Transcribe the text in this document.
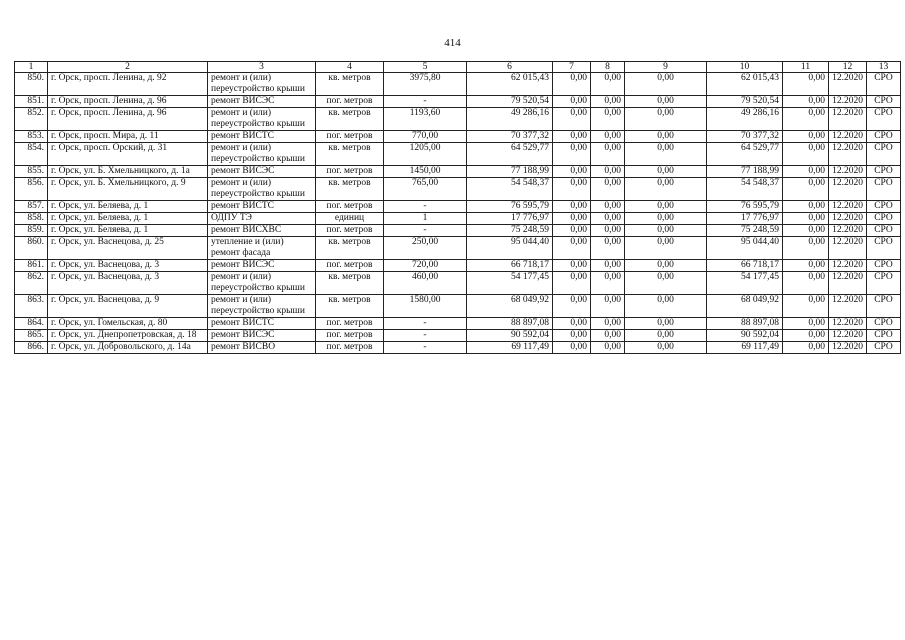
414
1	2	3	4	5	6	7	8	9	10	11	12	13
850.	г. Орск, просп. Ленина, д. 92	ремонт и (или) переустройство крыши	кв. метров	3975,80	62 015,43	0,00	0,00	0,00	62 015,43	0,00	12.2020	СРО
851.	г. Орск, просп. Ленина, д. 96	ремонт ВИСЭС	пог. метров	-	79 520,54	0,00	0,00	0,00	79 520,54	0,00	12.2020	СРО
852.	г. Орск, просп. Ленина, д. 96	ремонт и (или) переустройство крыши	кв. метров	1193,60	49 286,16	0,00	0,00	0,00	49 286,16	0,00	12.2020	СРО
853.	г. Орск, просп. Мира, д. 11	ремонт ВИСТС	пог. метров	770,00	70 377,32	0,00	0,00	0,00	70 377,32	0,00	12.2020	СРО
854.	г. Орск, просп. Орский, д. 31	ремонт и (или) переустройство крыши	кв. метров	1205,00	64 529,77	0,00	0,00	0,00	64 529,77	0,00	12.2020	СРО
855.	г. Орск, ул. Б. Хмельницкого, д. 1а	ремонт ВИСЭС	пог. метров	1450,00	77 188,99	0,00	0,00	0,00	77 188,99	0,00	12.2020	СРО
856.	г. Орск, ул. Б. Хмельницкого, д. 9	ремонт и (или) переустройство крыши	кв. метров	765,00	54 548,37	0,00	0,00	0,00	54 548,37	0,00	12.2020	СРО
857.	г. Орск, ул. Беляева, д. 1	ремонт ВИСТС	пог. метров	-	76 595,79	0,00	0,00	0,00	76 595,79	0,00	12.2020	СРО
858.	г. Орск, ул. Беляева, д. 1	ОДПУ ТЭ	единиц	1	17 776,97	0,00	0,00	0,00	17 776,97	0,00	12.2020	СРО
859.	г. Орск, ул. Беляева, д. 1	ремонт ВИСХВС	пог. метров	-	75 248,59	0,00	0,00	0,00	75 248,59	0,00	12.2020	СРО
860.	г. Орск, ул. Васнецова, д. 25	утепление и (или) ремонт фасада	кв. метров	250,00	95 044,40	0,00	0,00	0,00	95 044,40	0,00	12.2020	СРО
861.	г. Орск, ул. Васнецова, д. 3	ремонт ВИСЭС	пог. метров	720,00	66 718,17	0,00	0,00	0,00	66 718,17	0,00	12.2020	СРО
862.	г. Орск, ул. Васнецова, д. 3	ремонт и (или) переустройство крыши	кв. метров	460,00	54 177,45	0,00	0,00	0,00	54 177,45	0,00	12.2020	СРО
863.	г. Орск, ул. Васнецова, д. 9	ремонт и (или) переустройство крыши	кв. метров	1580,00	68 049,92	0,00	0,00	0,00	68 049,92	0,00	12.2020	СРО
864.	г. Орск, ул. Гомельская, д. 80	ремонт ВИСТС	пог. метров	-	88 897,08	0,00	0,00	0,00	88 897,08	0,00	12.2020	СРО
865.	г. Орск, ул. Днепропетровская, д. 18	ремонт ВИСЭС	пог. метров	-	90 592,04	0,00	0,00	0,00	90 592,04	0,00	12.2020	СРО
866.	г. Орск, ул. Добровольского, д. 14а	ремонт ВИСВО	пог. метров	-	69 117,49	0,00	0,00	0,00	69 117,49	0,00	12.2020	СРО
